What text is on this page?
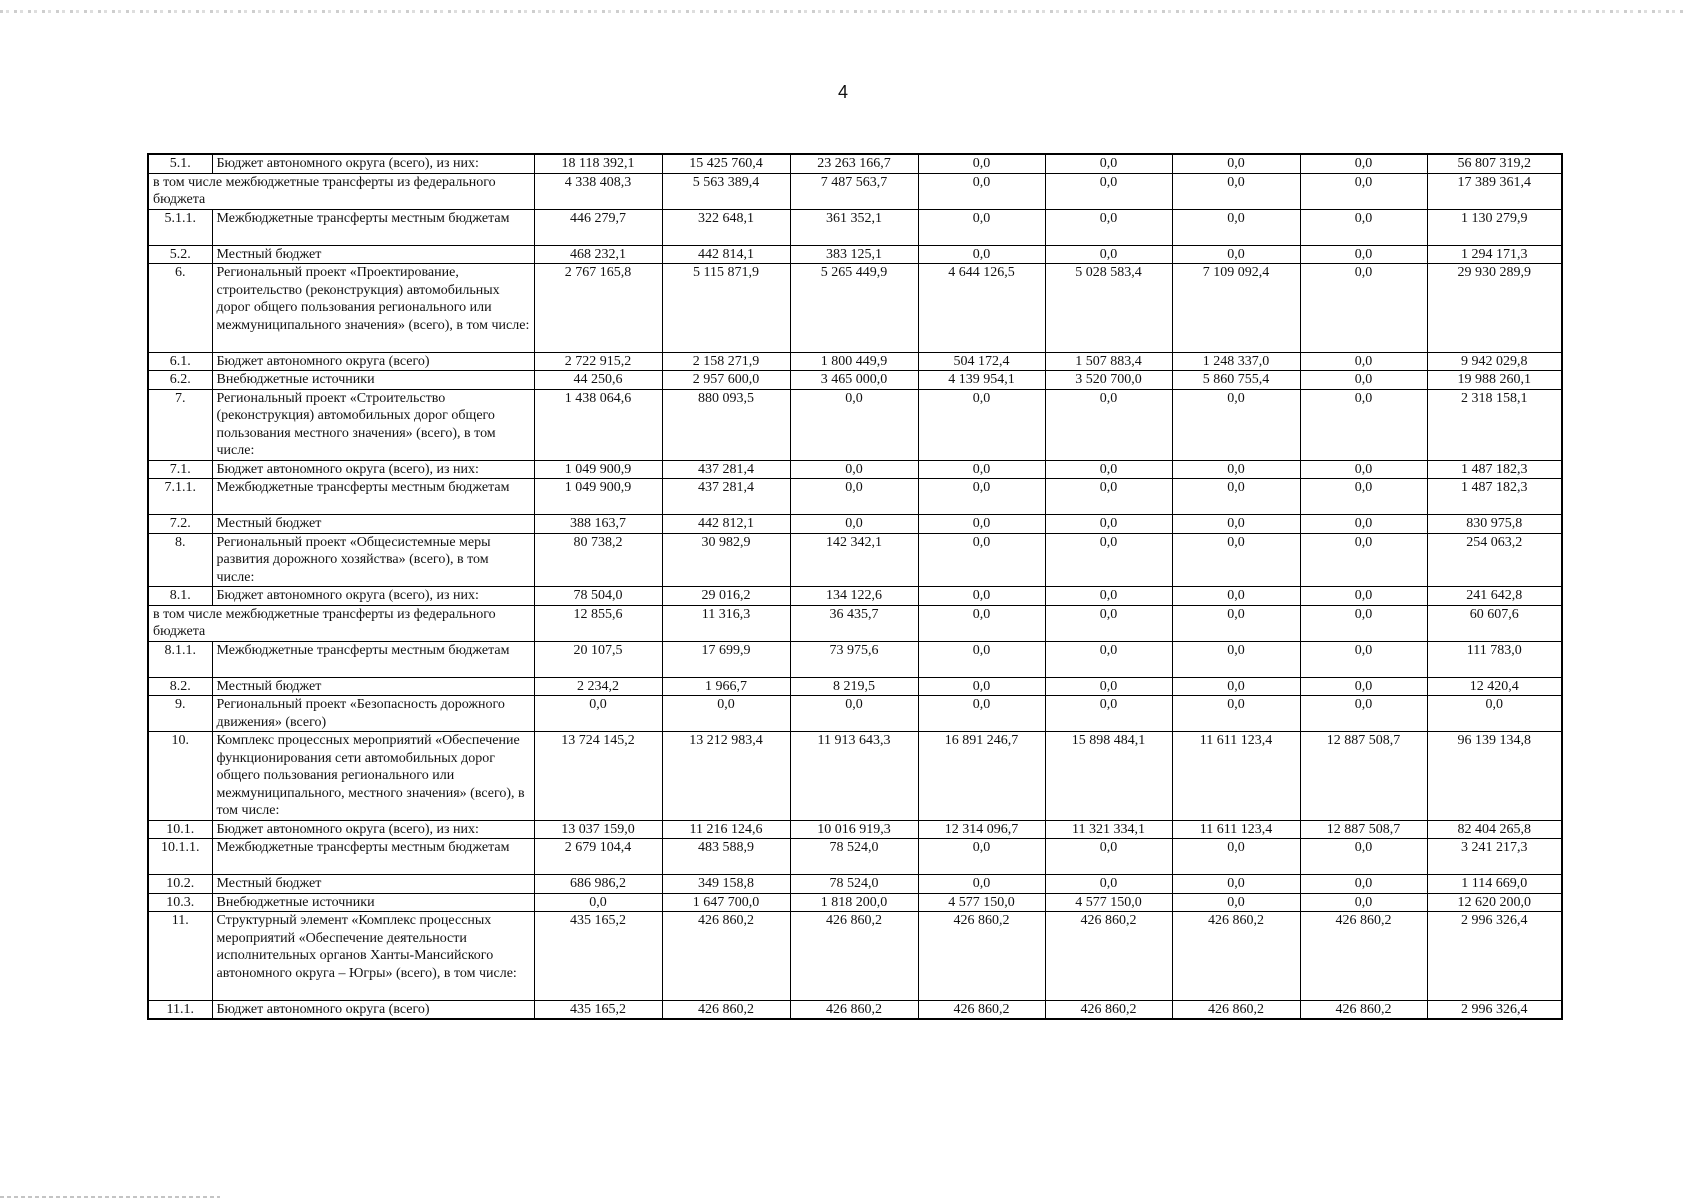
4
5.1.	Бюджет автономного округа (всего), из них:	18 118 392,1	15 425 760,4	23 263 166,7	0,0	0,0	0,0	0,0	56 807 319,2
в том числе межбюджетные трансферты из федерального бюджета		4 338 408,3	5 563 389,4	7 487 563,7	0,0	0,0	0,0	0,0	17 389 361,4
5.1.1.	Межбюджетные трансферты местным бюджетам	446 279,7	322 648,1	361 352,1	0,0	0,0	0,0	0,0	1 130 279,9
5.2.	Местный бюджет	468 232,1	442 814,1	383 125,1	0,0	0,0	0,0	0,0	1 294 171,3
6.	Региональный проект «Проектирование, строительство (реконструкция) автомобильных дорог общего пользования регионального или межмуниципального значения» (всего), в том числе:	2 767 165,8	5 115 871,9	5 265 449,9	4 644 126,5	5 028 583,4	7 109 092,4	0,0	29 930 289,9
6.1.	Бюджет автономного округа (всего)	2 722 915,2	2 158 271,9	1 800 449,9	504 172,4	1 507 883,4	1 248 337,0	0,0	9 942 029,8
6.2.	Внебюджетные источники	44 250,6	2 957 600,0	3 465 000,0	4 139 954,1	3 520 700,0	5 860 755,4	0,0	19 988 260,1
7.	Региональный проект «Строительство (реконструкция) автомобильных дорог общего пользования местного значения» (всего), в том числе:	1 438 064,6	880 093,5	0,0	0,0	0,0	0,0	0,0	2 318 158,1
7.1.	Бюджет автономного округа (всего), из них:	1 049 900,9	437 281,4	0,0	0,0	0,0	0,0	0,0	1 487 182,3
7.1.1.	Межбюджетные трансферты местным бюджетам	1 049 900,9	437 281,4	0,0	0,0	0,0	0,0	0,0	1 487 182,3
7.2.	Местный бюджет	388 163,7	442 812,1	0,0	0,0	0,0	0,0	0,0	830 975,8
8.	Региональный проект «Общесистемные меры развития дорожного хозяйства» (всего), в том числе:	80 738,2	30 982,9	142 342,1	0,0	0,0	0,0	0,0	254 063,2
8.1.	Бюджет автономного округа (всего), из них:	78 504,0	29 016,2	134 122,6	0,0	0,0	0,0	0,0	241 642,8
в том числе межбюджетные трансферты из федерального бюджета		12 855,6	11 316,3	36 435,7	0,0	0,0	0,0	0,0	60 607,6
8.1.1.	Межбюджетные трансферты местным бюджетам	20 107,5	17 699,9	73 975,6	0,0	0,0	0,0	0,0	111 783,0
8.2.	Местный бюджет	2 234,2	1 966,7	8 219,5	0,0	0,0	0,0	0,0	12 420,4
9.	Региональный проект «Безопасность дорожного движения» (всего)	0,0	0,0	0,0	0,0	0,0	0,0	0,0	0,0
10.	Комплекс процессных мероприятий «Обеспечение функционирования сети автомобильных дорог общего пользования регионального или межмуниципального, местного значения» (всего), в том числе:	13 724 145,2	13 212 983,4	11 913 643,3	16 891 246,7	15 898 484,1	11 611 123,4	12 887 508,7	96 139 134,8
10.1.	Бюджет автономного округа (всего), из них:	13 037 159,0	11 216 124,6	10 016 919,3	12 314 096,7	11 321 334,1	11 611 123,4	12 887 508,7	82 404 265,8
10.1.1.	Межбюджетные трансферты местным бюджетам	2 679 104,4	483 588,9	78 524,0	0,0	0,0	0,0	0,0	3 241 217,3
10.2.	Местный бюджет	686 986,2	349 158,8	78 524,0	0,0	0,0	0,0	0,0	1 114 669,0
10.3.	Внебюджетные источники	0,0	1 647 700,0	1 818 200,0	4 577 150,0	4 577 150,0	0,0	0,0	12 620 200,0
11.	Структурный элемент «Комплекс процессных мероприятий «Обеспечение деятельности исполнительных органов Ханты-Мансийского автономного округа – Югры» (всего), в том числе:	435 165,2	426 860,2	426 860,2	426 860,2	426 860,2	426 860,2	426 860,2	2 996 326,4
11.1.	Бюджет автономного округа (всего)	435 165,2	426 860,2	426 860,2	426 860,2	426 860,2	426 860,2	426 860,2	2 996 326,4
